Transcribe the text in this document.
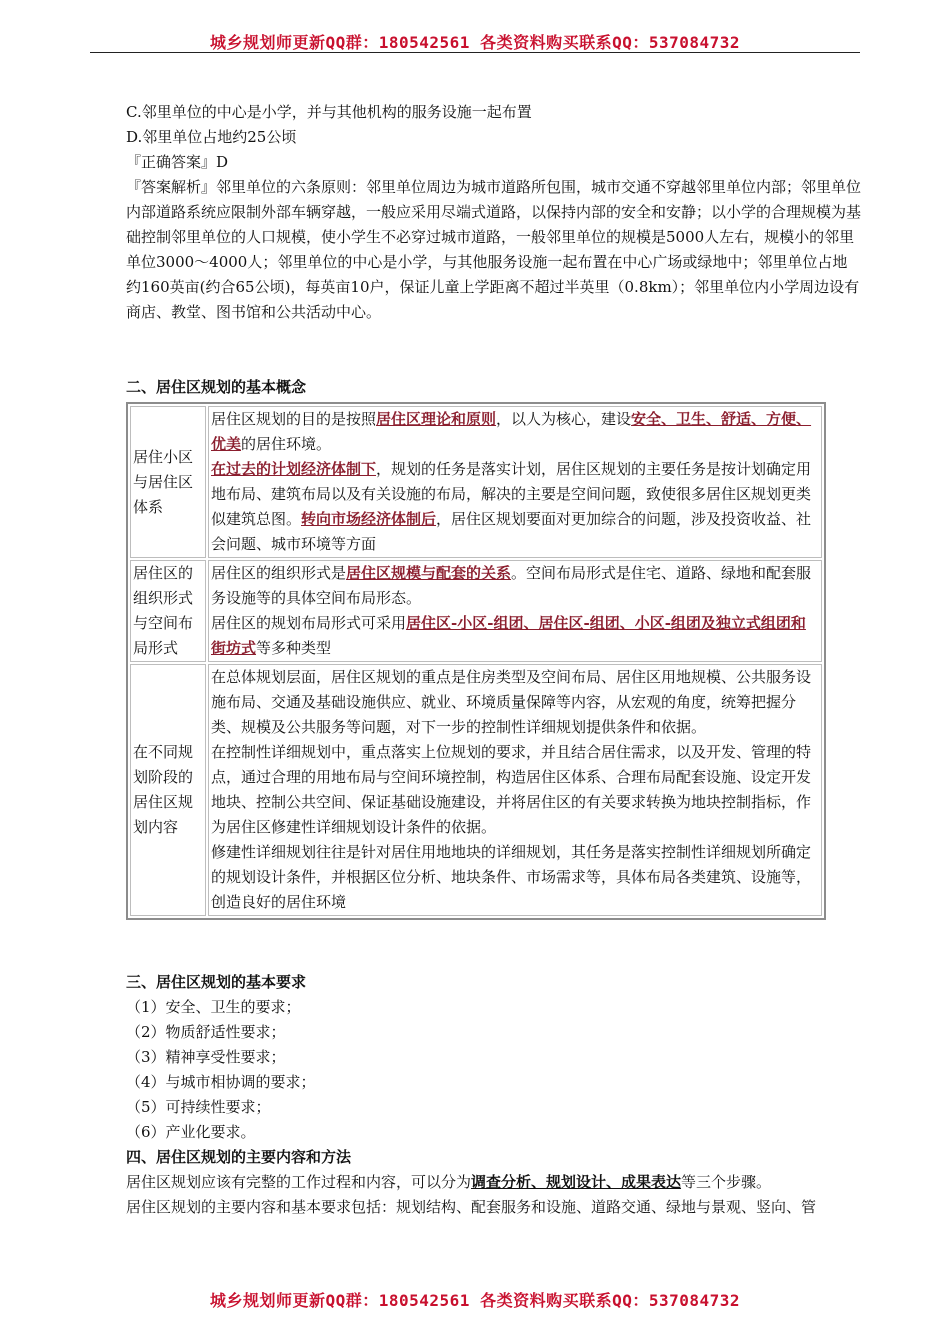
城乡规划师更新QQ群：180542561 各类资料购买联系QQ：537084732

C.邻里单位的中心是小学，并与其他机构的服务设施一起布置

D.邻里单位占地约25公顷

『正确答案』D

『答案解析』邻里单位的六条原则：邻里单位周边为城市道路所包围，城市交通不穿越邻里单位内部；邻里单位内部道路系统应限制外部车辆穿越，一般应采用尽端式道路，以保持内部的安全和安静；以小学的合理规模为基础控制邻里单位的人口规模，使小学生不必穿过城市道路，一般邻里单位的规模是5000人左右，规模小的邻里单位3000～4000人；邻里单位的中心是小学，与其他服务设施一起布置在中心广场或绿地中；邻里单位占地约160英亩(约合65公顷)，每英亩10户，保证儿童上学距离不超过半英里（0.8km）；邻里单位内小学周边设有商店、教堂、图书馆和公共活动中心。

二、居住区规划的基本概念

居住小区与居住区体系	居住区规划的目的是按照居住区理论和原则，以人为核心，建设安全、卫生、舒适、方便、优美的居住环境。
在过去的计划经济体制下，规划的任务是落实计划，居住区规划的主要任务是按计划确定用地布局、建筑布局以及有关设施的布局，解决的主要是空间问题，致使很多居住区规划更类似建筑总图。转向市场经济体制后，居住区规划要面对更加综合的问题，涉及投资收益、社会问题、城市环境等方面

居住区的组织形式与空间布局形式	居住区的组织形式是居住区规模与配套的关系。空间布局形式是住宅、道路、绿地和配套服务设施等的具体空间布局形态。
居住区的规划布局形式可采用居住区-小区-组团、居住区-组团、小区-组团及独立式组团和街坊式等多种类型

在不同规划阶段的居住区规划内容	在总体规划层面，居住区规划的重点是住房类型及空间布局、居住区用地规模、公共服务设施布局、交通及基础设施供应、就业、环境质量保障等内容，从宏观的角度，统筹把握分类、规模及公共服务等问题，对下一步的控制性详细规划提供条件和依据。
在控制性详细规划中，重点落实上位规划的要求，并且结合居住需求，以及开发、管理的特点，通过合理的用地布局与空间环境控制，构造居住区体系、合理布局配套设施、设定开发地块、控制公共空间、保证基础设施建设，并将居住区的有关要求转换为地块控制指标，作为居住区修建性详细规划设计条件的依据。
修建性详细规划往往是针对居住用地地块的详细规划，其任务是落实控制性详细规划所确定的规划设计条件，并根据区位分析、地块条件、市场需求等，具体布局各类建筑、设施等，创造良好的居住环境

三、居住区规划的基本要求

（1）安全、卫生的要求；

（2）物质舒适性要求；

（3）精神享受性要求；

（4）与城市相协调的要求；

（5）可持续性要求；

（6）产业化要求。

四、居住区规划的主要内容和方法

居住区规划应该有完整的工作过程和内容，可以分为调查分析、规划设计、成果表达等三个步骤。

居住区规划的主要内容和基本要求包括：规划结构、配套服务和设施、道路交通、绿地与景观、竖向、管

城乡规划师更新QQ群：180542561 各类资料购买联系QQ：537084732
